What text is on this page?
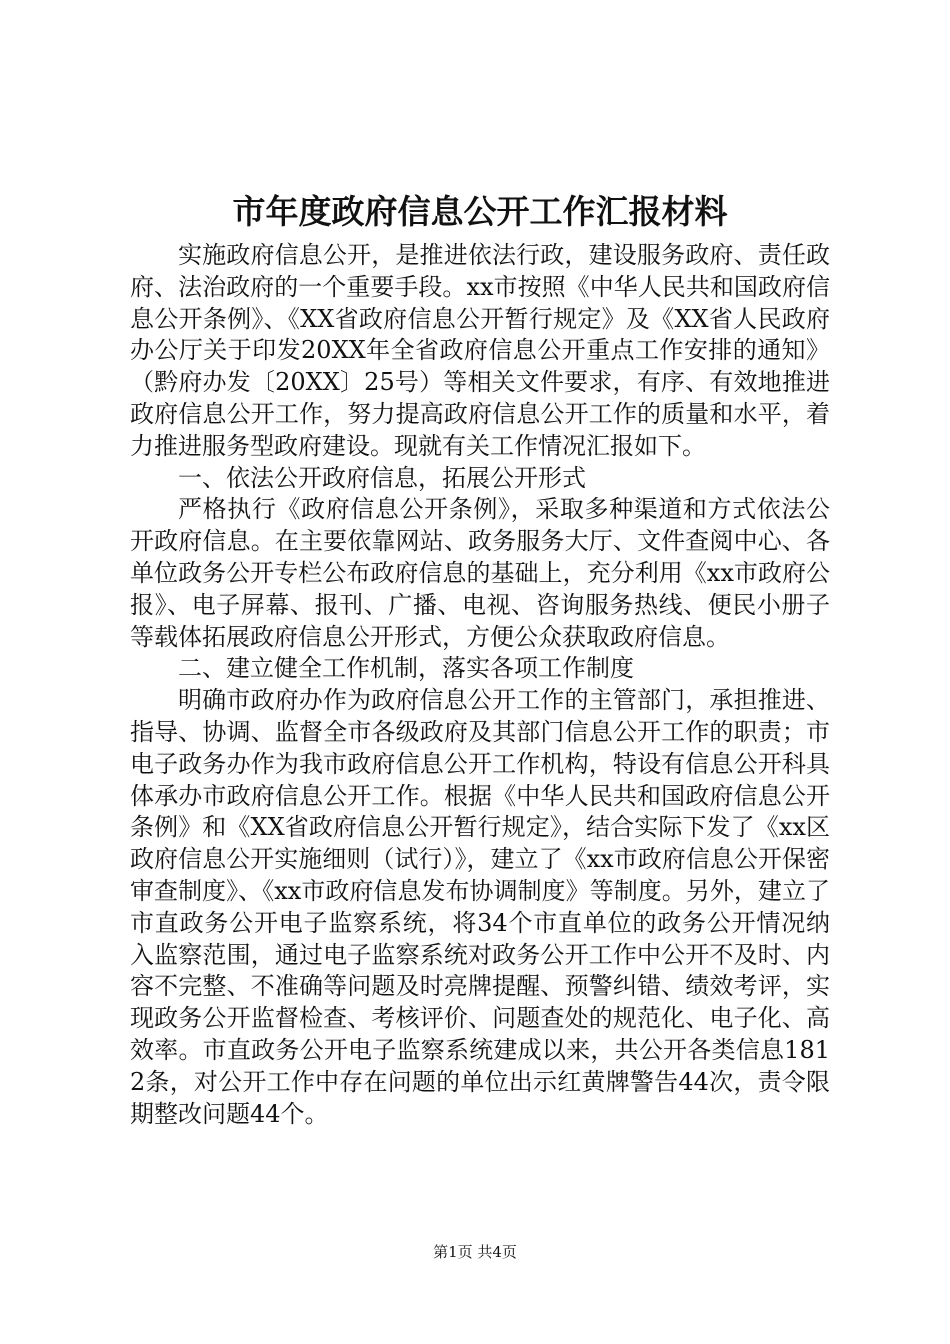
市年度政府信息公开工作汇报材料

实施政府信息公开，是推进依法行政，建设服务政府、责任政府、法治政府的一个重要手段。xx市按照《中华人民共和国政府信息公开条例》、《XX省政府信息公开暂行规定》及《XX省人民政府办公厅关于印发20XX年全省政府信息公开重点工作安排的通知》（黔府办发〔20XX〕25号）等相关文件要求，有序、有效地推进政府信息公开工作，努力提高政府信息公开工作的质量和水平，着力推进服务型政府建设。现就有关工作情况汇报如下。

一、依法公开政府信息，拓展公开形式

严格执行《政府信息公开条例》，采取多种渠道和方式依法公开政府信息。在主要依靠网站、政务服务大厅、文件查阅中心、各单位政务公开专栏公布政府信息的基础上，充分利用《xx市政府公报》、电子屏幕、报刊、广播、电视、咨询服务热线、便民小册子等载体拓展政府信息公开形式，方便公众获取政府信息。

二、建立健全工作机制，落实各项工作制度

明确市政府办作为政府信息公开工作的主管部门，承担推进、指导、协调、监督全市各级政府及其部门信息公开工作的职责；市电子政务办作为我市政府信息公开工作机构，特设有信息公开科具体承办市政府信息公开工作。根据《中华人民共和国政府信息公开条例》和《XX省政府信息公开暂行规定》，结合实际下发了《xx区政府信息公开实施细则（试行）》，建立了《xx市政府信息公开保密审查制度》、《xx市政府信息发布协调制度》等制度。另外，建立了市直政务公开电子监察系统，将34个市直单位的政务公开情况纳入监察范围，通过电子监察系统对政务公开工作中公开不及时、内容不完整、不准确等问题及时亮牌提醒、预警纠错、绩效考评，实现政务公开监督检查、考核评价、问题查处的规范化、电子化、高效率。市直政务公开电子监察系统建成以来，共公开各类信息1812条，对公开工作中存在问题的单位出示红黄牌警告44次，责令限期整改问题44个。

第1页 共4页
